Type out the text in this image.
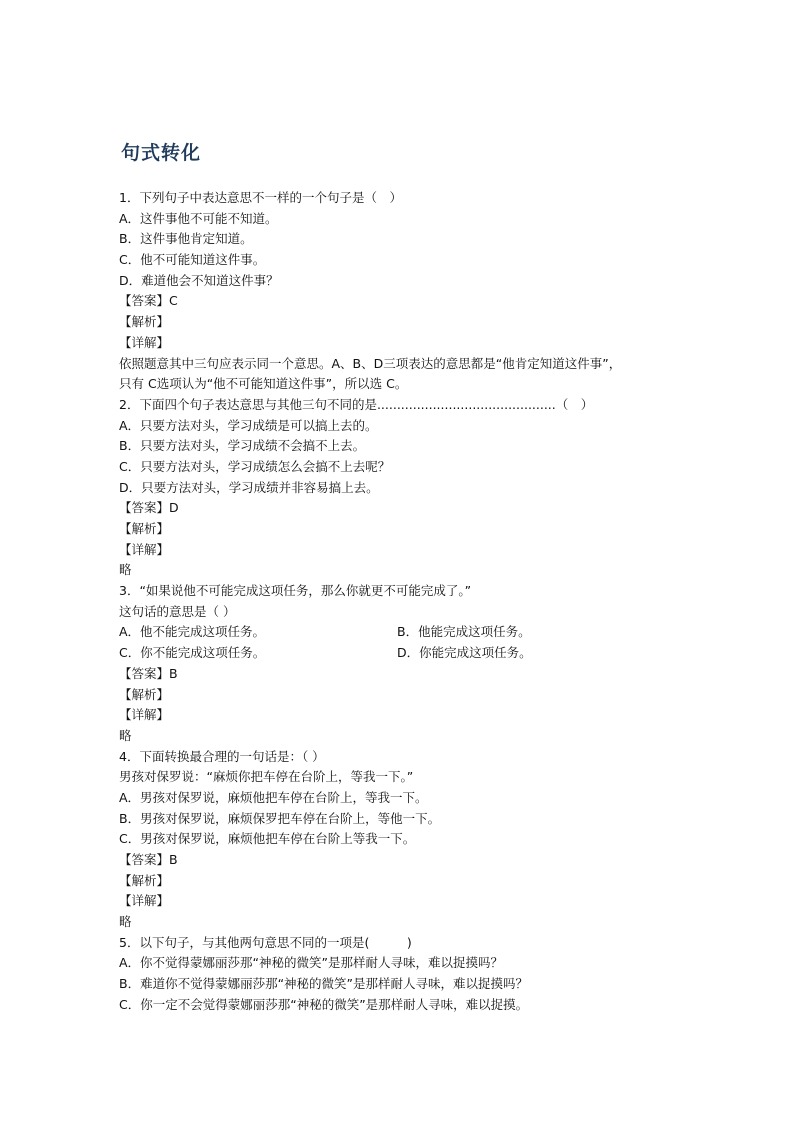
句式转化
1．下列句子中表达意思不一样的一个句子是（　）
A．这件事他不可能不知道。
B．这件事他肯定知道。
C．他不可能知道这件事。
D．难道他会不知道这件事？
【答案】C
【解析】
【详解】
依照题意其中三句应表示同一个意思。A、B、D三项表达的意思都是“他肯定知道这件事”，
只有 C选项认为“他不可能知道这件事”，所以选 C。
2．下面四个句子表达意思与其他三句不同的是.............................................（　）
A．只要方法对头，学习成绩是可以搞上去的。
B．只要方法对头，学习成绩不会搞不上去。
C．只要方法对头，学习成绩怎么会搞不上去呢？
D．只要方法对头，学习成绩并非容易搞上去。
【答案】D
【解析】
【详解】
略
3．“如果说他不可能完成这项任务，那么你就更不可能完成了。”
这句话的意思是（ ）
A．他不能完成这项任务。	B．他能完成这项任务。
C．你不能完成这项任务。	D．你能完成这项任务。
【答案】B
【解析】
【详解】
略
4．下面转换最合理的一句话是：（ ）
男孩对保罗说：“麻烦你把车停在台阶上，等我一下。”
A．男孩对保罗说，麻烦他把车停在台阶上，等我一下。
B．男孩对保罗说，麻烦保罗把车停在台阶上，等他一下。
C．男孩对保罗说，麻烦他把车停在台阶上等我一下。
【答案】B
【解析】
【详解】
略
5．以下句子，与其他两句意思不同的一项是(　　　)
A．你不觉得蒙娜丽莎那“神秘的微笑”是那样耐人寻味，难以捉摸吗？
B．难道你不觉得蒙娜丽莎那“神秘的微笑”是那样耐人寻味，难以捉摸吗？
C．你一定不会觉得蒙娜丽莎那“神秘的微笑”是那样耐人寻味，难以捉摸。
